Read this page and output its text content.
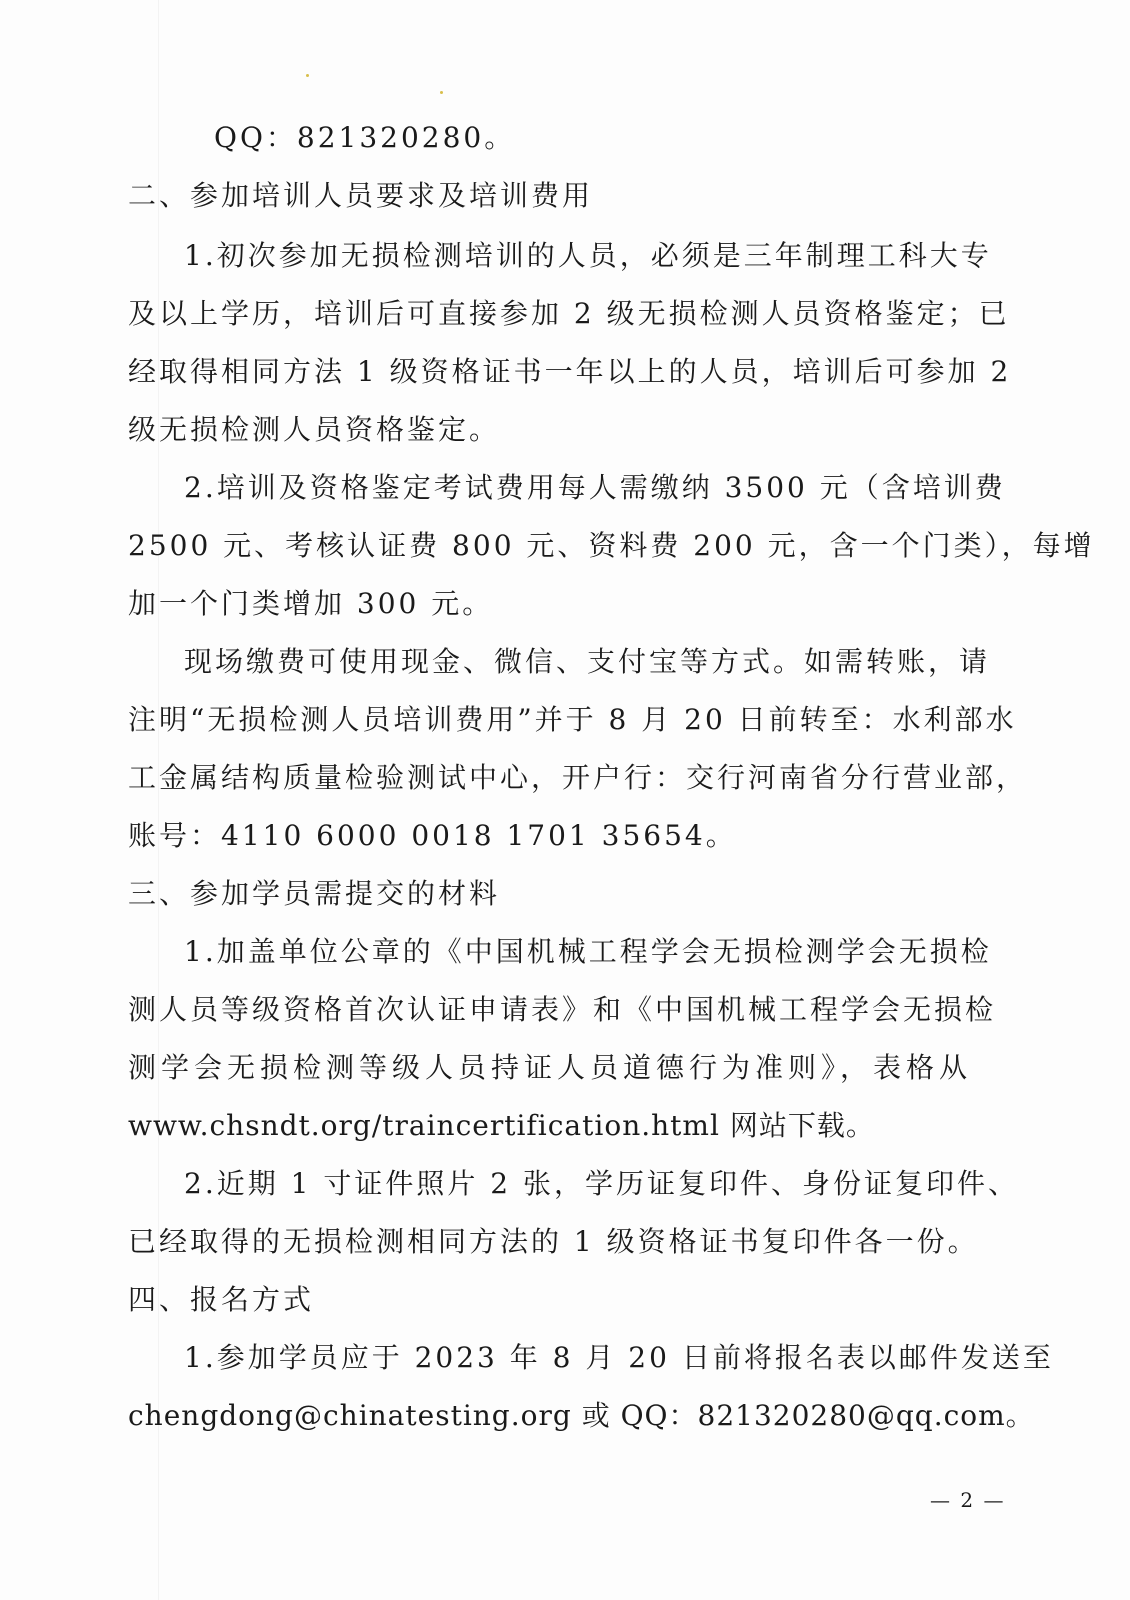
QQ：821320280。
二、参加培训人员要求及培训费用
1.初次参加无损检测培训的人员，必须是三年制理工科大专
及以上学历，培训后可直接参加 2 级无损检测人员资格鉴定；已
经取得相同方法 1 级资格证书一年以上的人员，培训后可参加 2
级无损检测人员资格鉴定。
2.培训及资格鉴定考试费用每人需缴纳 3500 元（含培训费
2500 元、考核认证费 800 元、资料费 200 元，含一个门类），每增
加一个门类增加 300 元。
现场缴费可使用现金、微信、支付宝等方式。如需转账，请
注明“无损检测人员培训费用”并于 8 月 20 日前转至：水利部水
工金属结构质量检验测试中心，开户行：交行河南省分行营业部，
账号：4110 6000 0018 1701 35654。
三、参加学员需提交的材料
1.加盖单位公章的《中国机械工程学会无损检测学会无损检
测人员等级资格首次认证申请表》和《中国机械工程学会无损检
测学会无损检测等级人员持证人员道德行为准则》，表格从
www.chsndt.org/traincertification.html 网站下载。
2.近期 1 寸证件照片 2 张，学历证复印件、身份证复印件、
已经取得的无损检测相同方法的 1 级资格证书复印件各一份。
四、报名方式
1.参加学员应于 2023 年 8 月 20 日前将报名表以邮件发送至
chengdong@chinatesting.org 或 QQ：821320280@qq.com。
— 2 —
